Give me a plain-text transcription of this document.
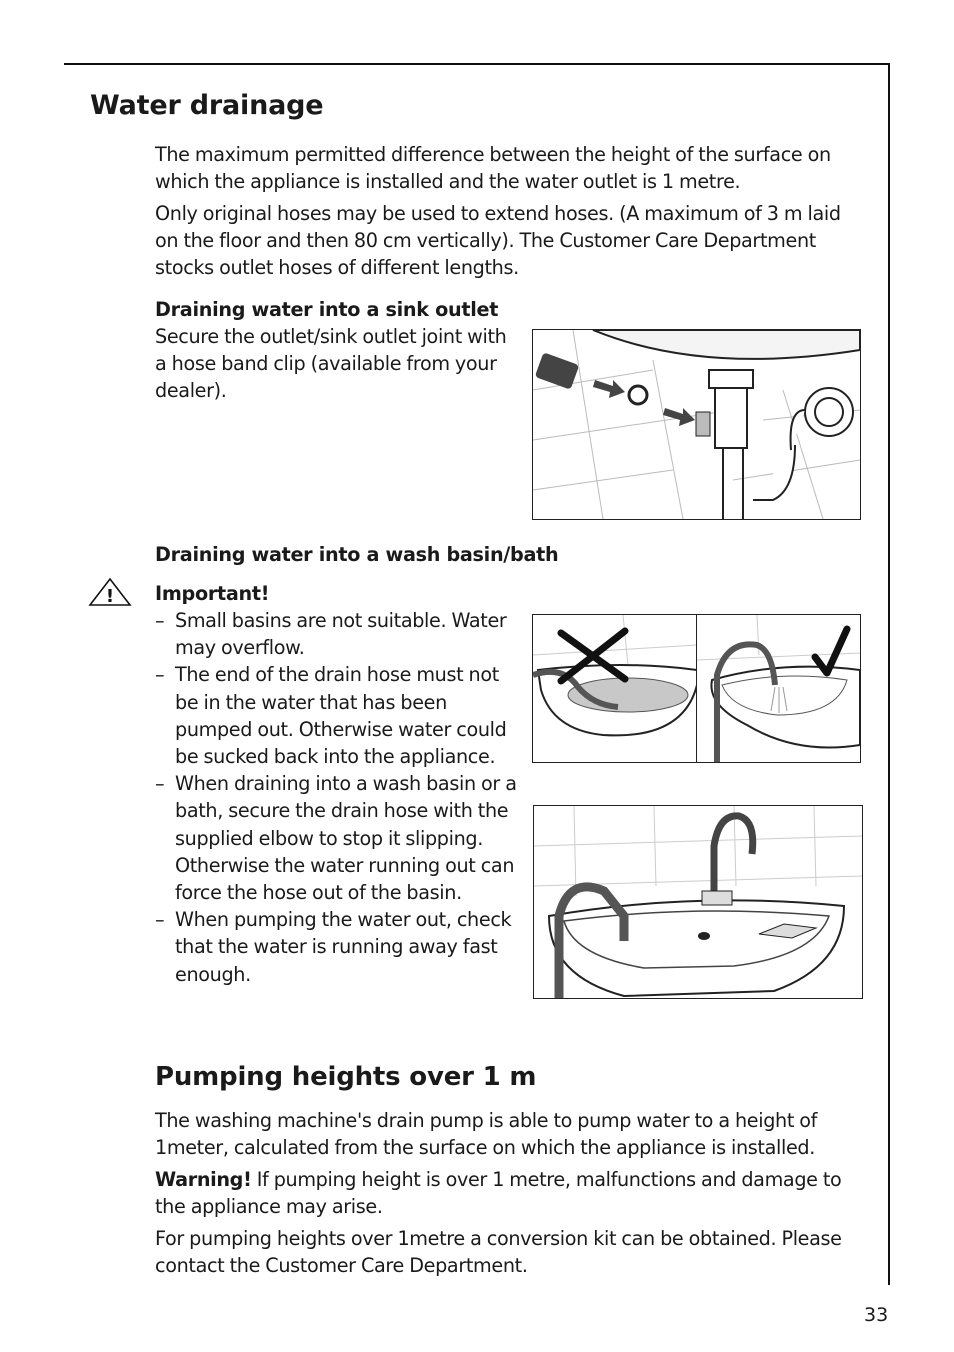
Water drainage

The maximum permitted difference between the height of the surface on which the appliance is installed and the water outlet is 1 metre.

Only original hoses may be used to extend hoses. (A maximum of 3 m laid on the floor and then 80 cm vertically). The Customer Care Department stocks outlet hoses of different lengths.

Draining water into a sink outlet

Secure the outlet/sink outlet joint with a hose band clip (available from your dealer).

Draining water into a wash basin/bath
! Important!
– Small basins are not suitable. Water may overflow.
– The end of the drain hose must not be in the water that has been pumped out. Otherwise water could be sucked back into the appliance.
– When draining into a wash basin or a bath, secure the drain hose with the supplied elbow to stop it slipping. Otherwise the water running out can force the hose out of the basin.
– When pumping the water out, check that the water is running away fast enough.
Pumping heights over 1 m

The washing machine's drain pump is able to pump water to a height of 1meter, calculated from the surface on which the appliance is installed.

Warning! If pumping height is over 1 metre, malfunctions and damage to the appliance may arise.

For pumping heights over 1metre a conversion kit can be obtained. Please contact the Customer Care Department.

33
